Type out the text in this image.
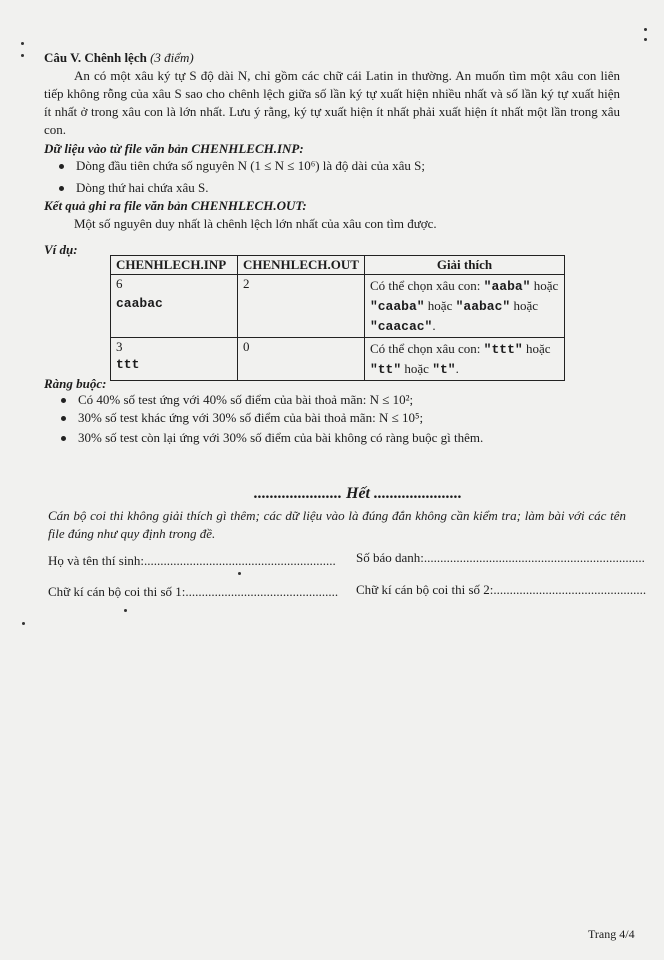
Câu V. Chênh lệch (3 điểm)
An có một xâu ký tự S độ dài N, chỉ gồm các chữ cái Latin in thường. An muốn tìm một xâu con liên
tiếp không rỗng của xâu S sao cho chênh lệch giữa số lần ký tự xuất hiện nhiều nhất và số lần ký tự xuất hiện
ít nhất ở trong xâu con là lớn nhất. Lưu ý rằng, ký tự xuất hiện ít nhất phải xuất hiện ít nhất một lần trong xâu
con.
Dữ liệu vào từ file văn bản CHENHLECH.INP:
Dòng đầu tiên chứa số nguyên N (1 ≤ N ≤ 10⁶) là độ dài của xâu S;
Dòng thứ hai chứa xâu S.
Kết quả ghi ra file văn bản CHENHLECH.OUT:
Một số nguyên duy nhất là chênh lệch lớn nhất của xâu con tìm được.
Ví dụ:
CHENHLECH.INP	CHENHLECH.OUT	Giải thích

6
caabac	2	Có thể chọn xâu con: "aaba" hoặc "caaba" hoặc "aabac" hoặc "caacac".

3
ttt	0	Có thể chọn xâu con: "ttt" hoặc "tt" hoặc "t".
Ràng buộc:
Có 40% số test ứng với 40% số điểm của bài thoả mãn: N ≤ 10²;
30% số test khác ứng với 30% số điểm của bài thoả mãn: N ≤ 10⁵;
30% số test còn lại ứng với 30% số điểm của bài không có ràng buộc gì thêm.
...................... Hết ......................
Cán bộ coi thi không giải thích gì thêm; các dữ liệu vào là đúng đắn không cần kiểm tra; làm bài với các tên
file đúng như quy định trong đề.
Họ và tên thí sinh:........................................................... Số báo danh:....................................................................
Chữ kí cán bộ coi thi số 1:............................................... Chữ kí cán bộ coi thi số 2:...............................................
Trang 4/4
